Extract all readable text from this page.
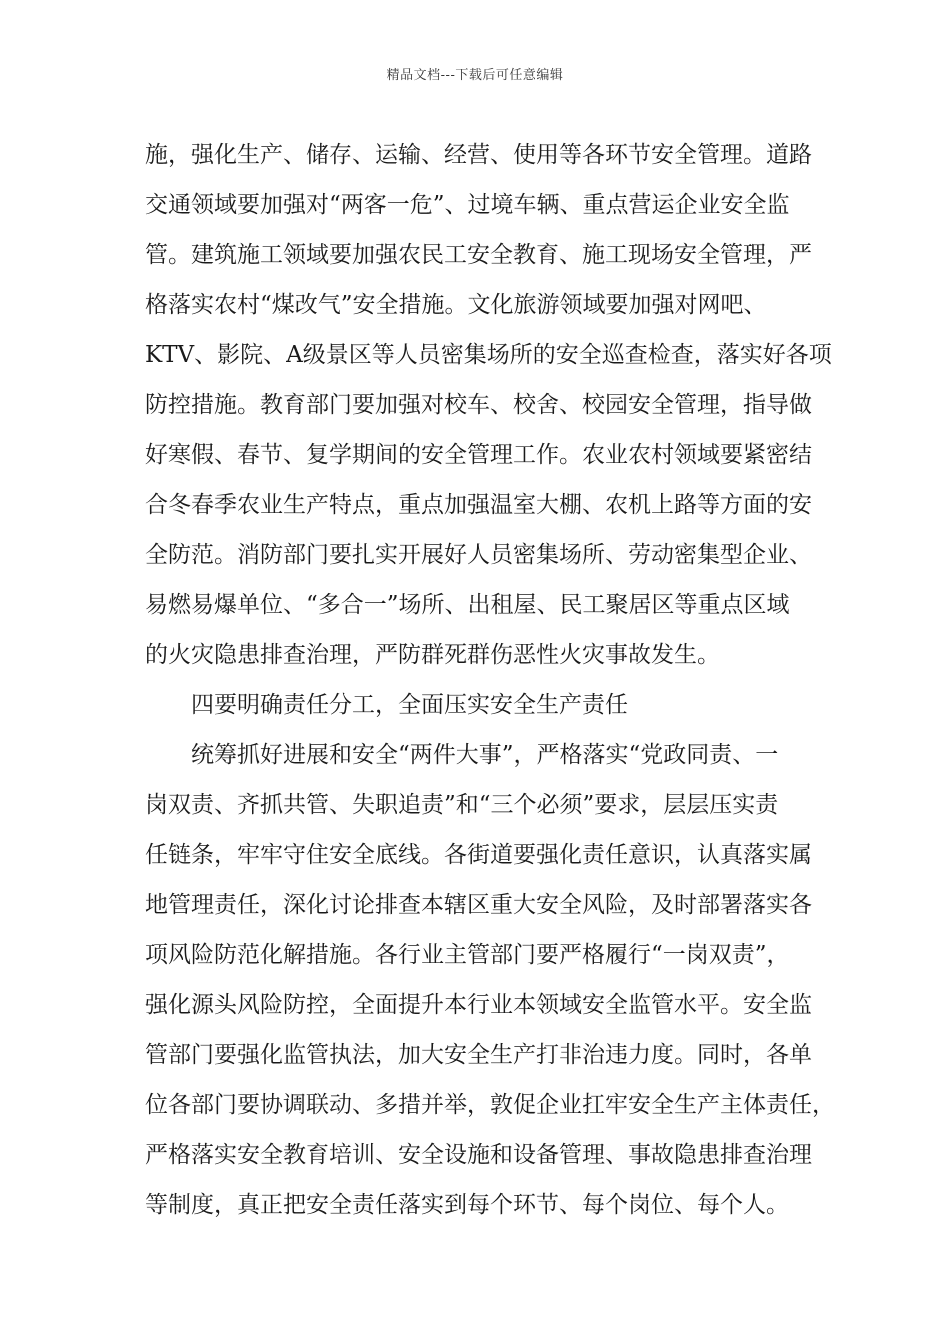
精品文档---下载后可任意编辑
施，强化生产、储存、运输、经营、使用等各环节安全管理。道路
交通领域要加强对“两客一危”、过境车辆、重点营运企业安全监
管。建筑施工领域要加强农民工安全教育、施工现场安全管理，严
格落实农村“煤改气”安全措施。文化旅游领域要加强对网吧、
KTV、影院、A级景区等人员密集场所的安全巡查检查，落实好各项
防控措施。教育部门要加强对校车、校舍、校园安全管理，指导做
好寒假、春节、复学期间的安全管理工作。农业农村领域要紧密结
合冬春季农业生产特点，重点加强温室大棚、农机上路等方面的安
全防范。消防部门要扎实开展好人员密集场所、劳动密集型企业、
易燃易爆单位、“多合一”场所、出租屋、民工聚居区等重点区域
的火灾隐患排查治理，严防群死群伤恶性火灾事故发生。
四要明确责任分工，全面压实安全生产责任
统筹抓好进展和安全“两件大事”，严格落实“党政同责、一
岗双责、齐抓共管、失职追责”和“三个必须”要求，层层压实责
任链条，牢牢守住安全底线。各街道要强化责任意识，认真落实属
地管理责任，深化讨论排查本辖区重大安全风险，及时部署落实各
项风险防范化解措施。各行业主管部门要严格履行“一岗双责”，
强化源头风险防控，全面提升本行业本领域安全监管水平。安全监
管部门要强化监管执法，加大安全生产打非治违力度。同时，各单
位各部门要协调联动、多措并举，敦促企业扛牢安全生产主体责任，
严格落实安全教育培训、安全设施和设备管理、事故隐患排查治理
等制度，真正把安全责任落实到每个环节、每个岗位、每个人。
